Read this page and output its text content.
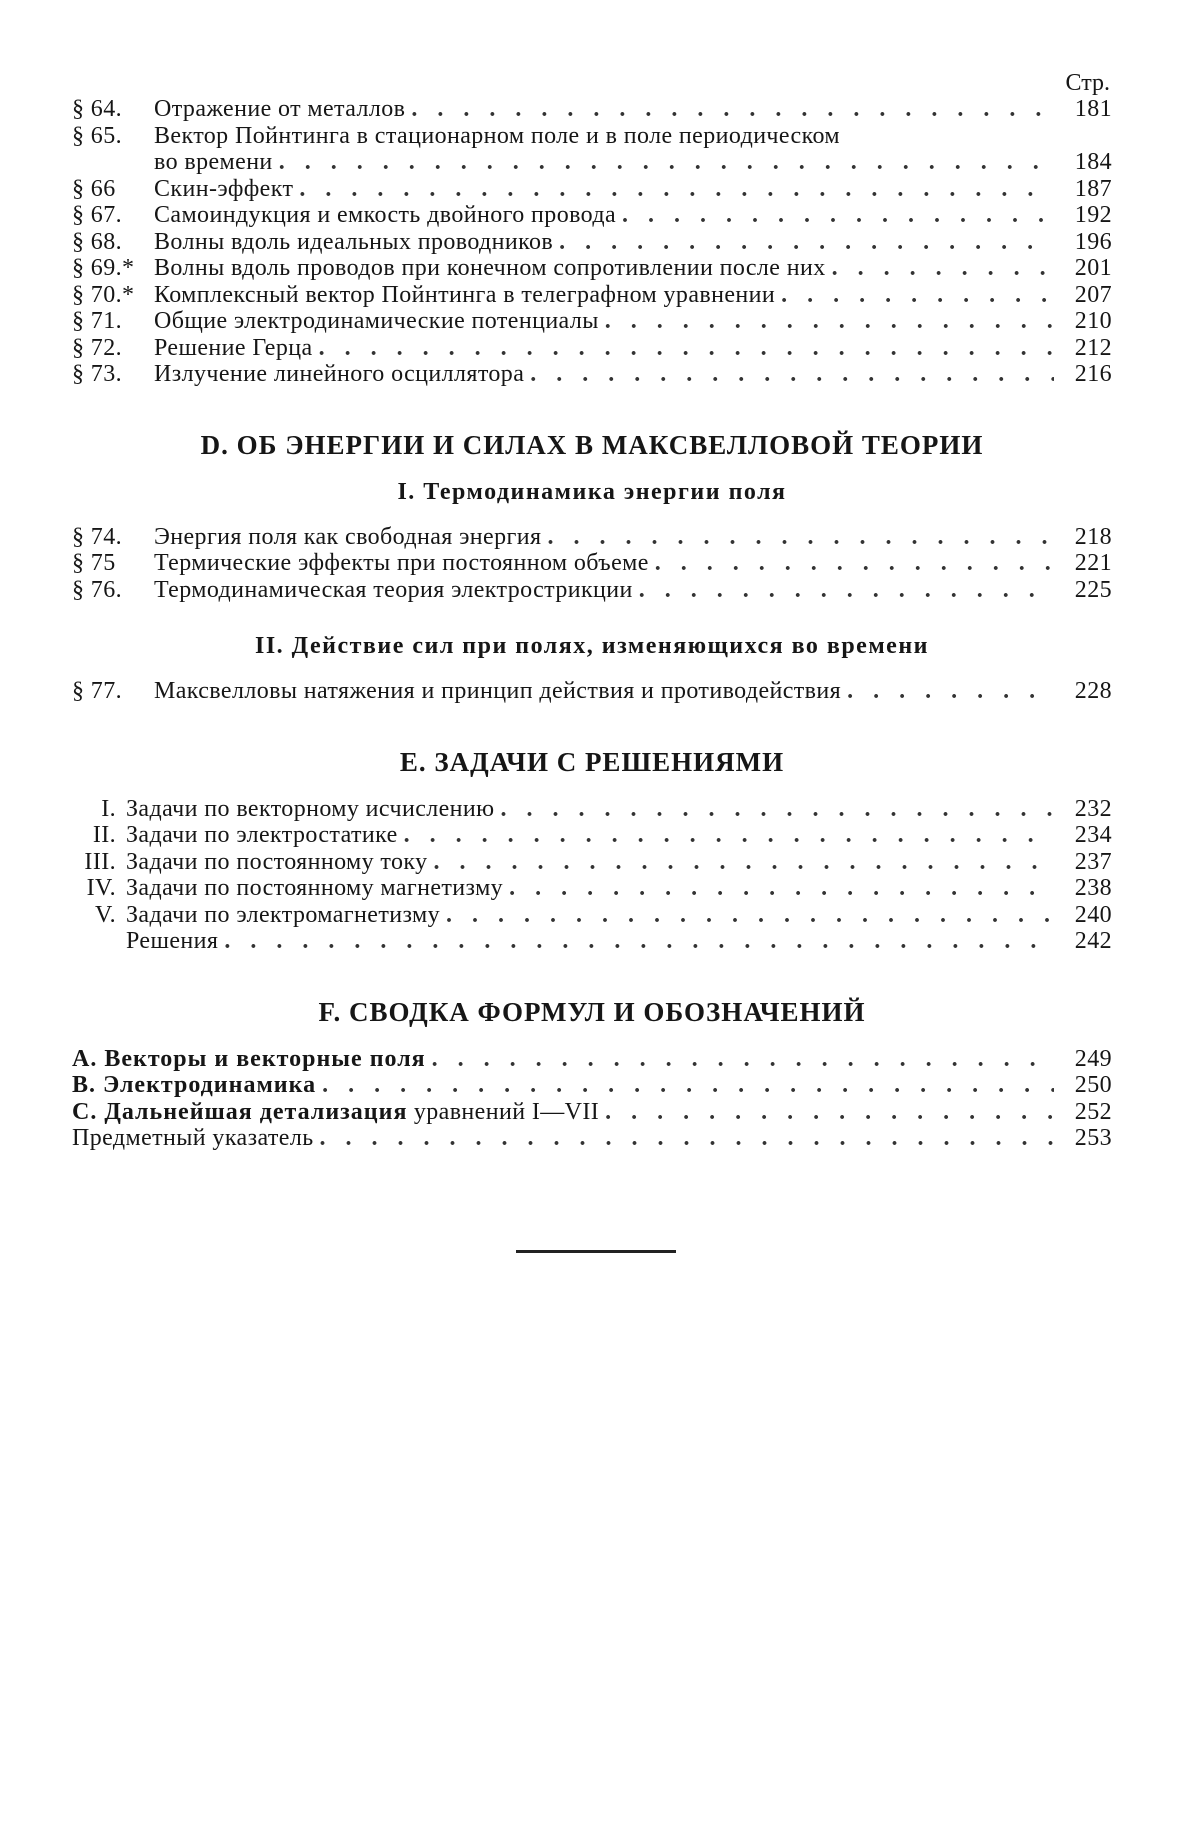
Стр.
§ 64.	Отражение от металлов . . .	181
§ 65.	Вектор Пойнтинга в стационарном поле и в поле периодическом
во времени . . .	184
§ 66	Скин-эффект . . .	187
§ 67.	Самоиндукция и емкость двойного провода . . .	192
§ 68.	Волны вдоль идеальных проводников . . .	196
§ 69.* Волны вдоль проводов при конечном сопротивлении после них . . .	201
§ 70.* Комплексный вектор Пойнтинга в телеграфном уравнении . . .	207
§ 71.	Общие электродинамические потенциалы . . .	210
§ 72.	Решение Герца . . .	212
§ 73.	Излучение линейного осциллятора . . .	216
D. ОБ ЭНЕРГИИ И СИЛАХ В МАКСВЕЛЛОВОЙ ТЕОРИИ
I. Термодинамика энергии поля
§ 74.	Энергия поля как свободная энергия . . .	218
§ 75	Термические эффекты при постоянном объеме . . .	221
§ 76.	Термодинамическая теория электрострикции . . .	225
II. Действие сил при полях, изменяющихся во времени
§ 77.	Максвелловы натяжения и принцип действия и противодействия . . .	228
E. ЗАДАЧИ С РЕШЕНИЯМИ
I. Задачи по векторному исчислению . . .	232
II. Задачи по электростатике . . .	234
III. Задачи по постоянному току . . .	237
IV. Задачи по постоянному магнетизму . . .	238
V. Задачи по электромагнетизму . . .	240
Решения . . .	242
F. СВОДКА ФОРМУЛ И ОБОЗНАЧЕНИЙ
A. Векторы и векторные поля . . .	249
B. Электродинамика . . .	250
C. Дальнейшая детализация уравнений I—VII . . .	252
Предметный указатель . . .	253
